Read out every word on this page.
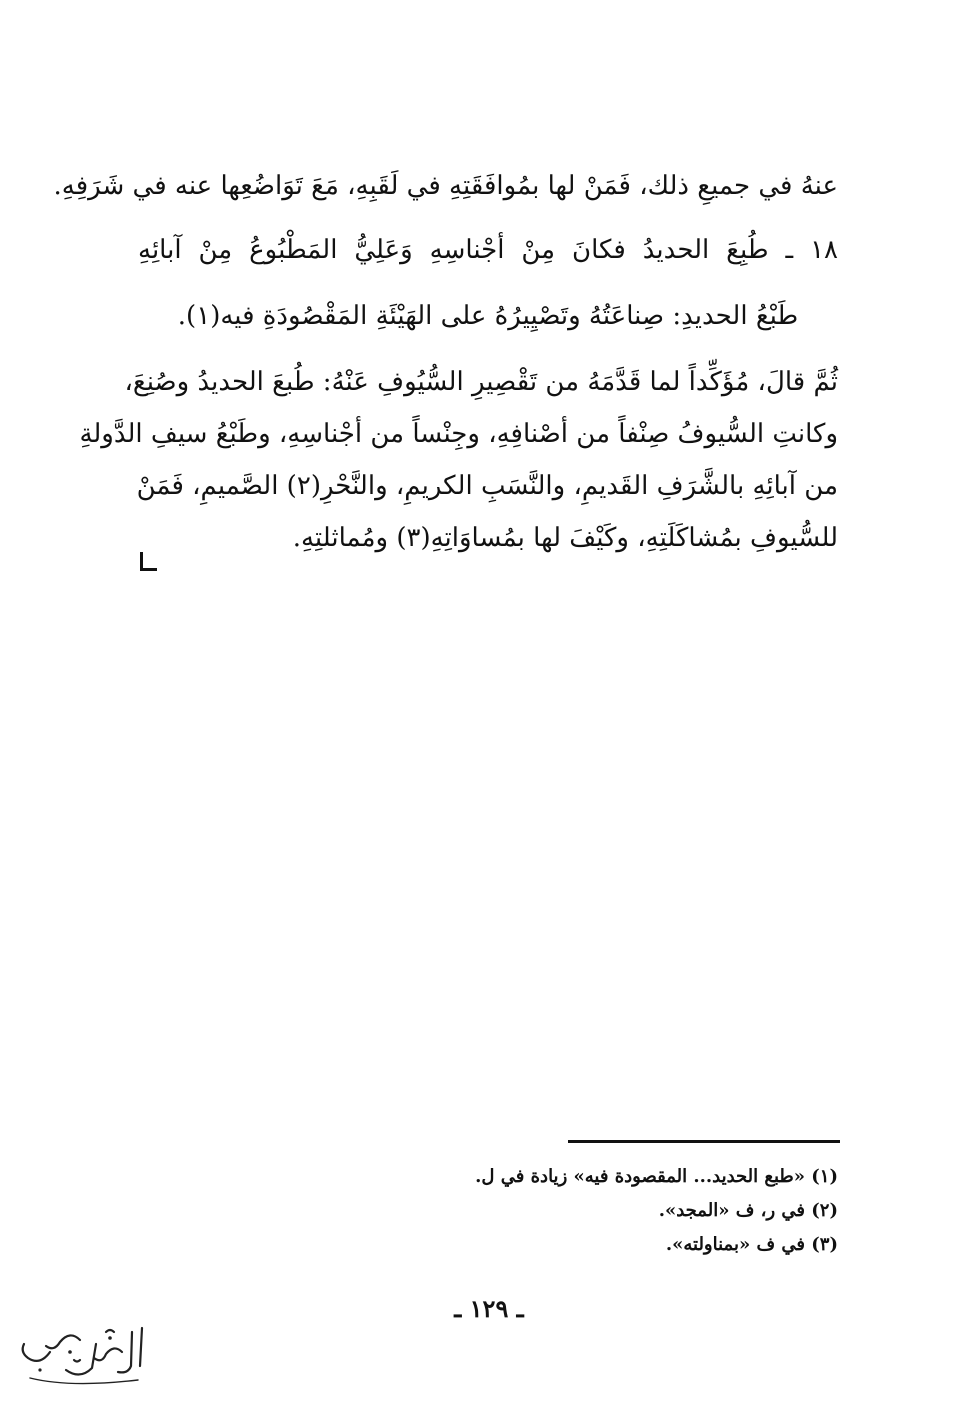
عنهُ في جميعِ ذلك، فَمَنْ لها بمُوافَقَتِهِ في لَقَبِهِ، مَعَ تَوَاضُعِها عنه في شَرَفِهِ.
١٨ ـ طُبِعَ الحديدُ فكانَ مِنْ أجْناسِهِ وَعَلِيُّ المَطْبُوعُ مِنْ آبائِهِ
طَبْعُ الحديدِ: صِناعَتُهُ وتَصْيِيرُهُ على الهَيْئَةِ المَقْصُودَةِ فيه(١).
ثُمَّ قالَ، مُؤَكِّداً لما قَدَّمَهُ من تَقْصِيرِ السُّيُوفِ عَنْهُ: طُبعَ الحديدُ وصُنِعَ،
وكانتِ السُّيوفُ صِنْفاً من أصْنافِهِ، وجِنْساً من أجْناسِهِ، وطَبْعُ سيفِ الدَّولةِ
من آبائِهِ بالشَّرَفِ القَديمِ، والنَّسَبِ الكريمِ، والنَّحْرِ(٢) الصَّميمِ، فَمَنْ
للسُّيوفِ بمُشاكَلَتِهِ، وكَيْفَ لها بمُساوَاتِهِ(٣) ومُماثلتِهِ.
(١) «طبع الحديد... المقصودة فيه» زيادة في ل.
(٢) في ر، ف «المجد».
(٣) في ف «بمناولته».
ـ ١٢٩ ـ
